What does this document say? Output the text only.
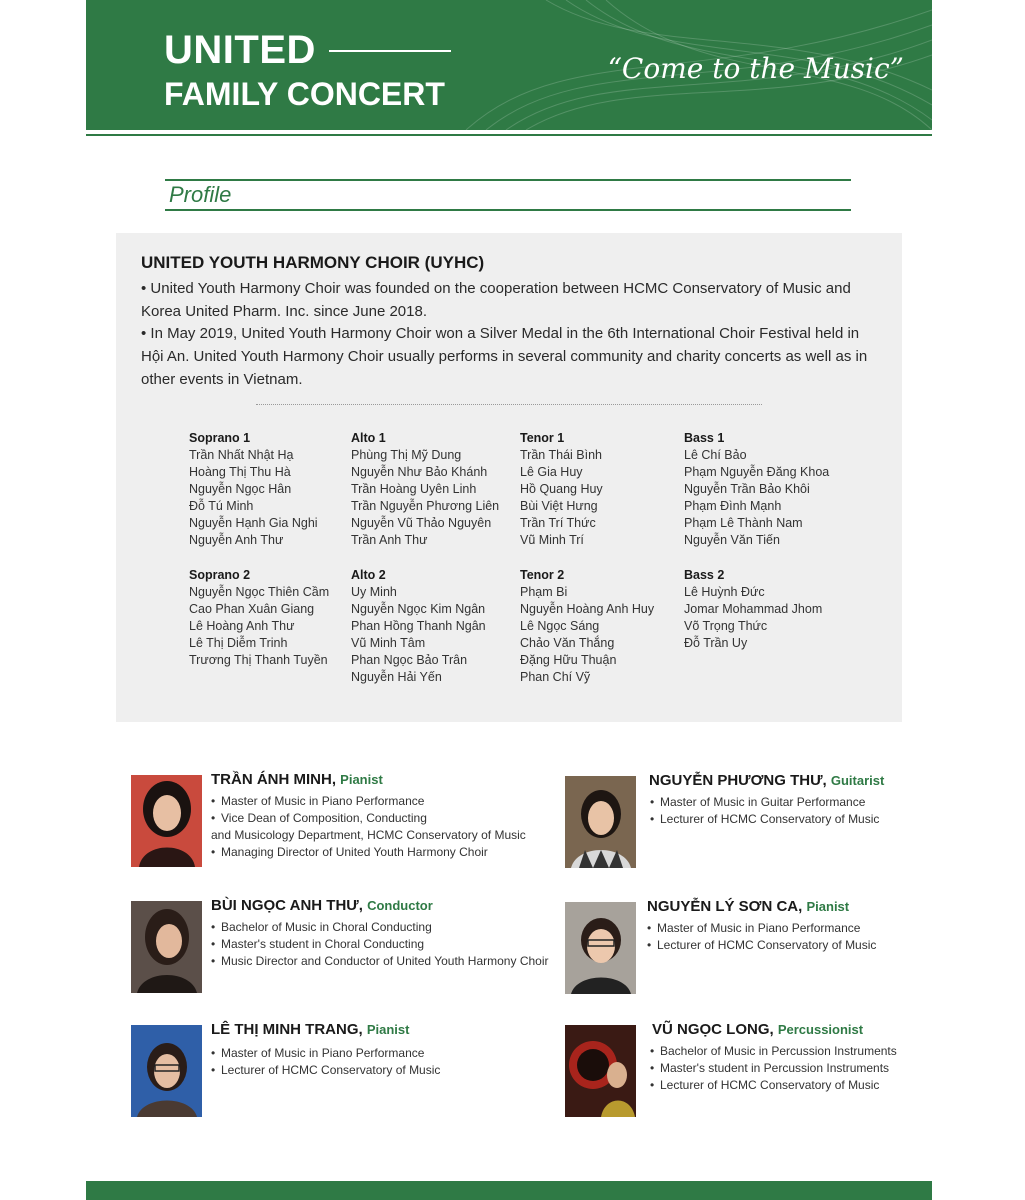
UNITED
FAMILY CONCERT
“Come to the Music”
Profile
UNITED YOUTH HARMONY CHOIR (UYHC)

• United Youth Harmony Choir was founded on the cooperation between HCMC Conservatory of Music and Korea United Pharm. Inc. since June 2018.

• In May 2019, United Youth Harmony Choir won a Silver Medal in the 6th International Choir Festival held in Hội An. United Youth Harmony Choir usually performs in several community and charity concerts as well as in other events in Vietnam.

Soprano 1
Trần Nhất Nhật Hạ
Hoàng Thị Thu Hà
Nguyễn Ngọc Hân
Đỗ Tú Minh
Nguyễn Hạnh Gia Nghi
Nguyễn Anh Thư
Soprano 2
Nguyễn Ngọc Thiên Cầm
Cao Phan Xuân Giang
Lê Hoàng Anh Thư
Lê Thị Diễm Trinh
Trương Thị Thanh Tuyền
Alto 1
Phùng Thị Mỹ Dung
Nguyễn Như Bảo Khánh
Trần Hoàng Uyên Linh
Trần Nguyễn Phương Liên
Nguyễn Vũ Thảo Nguyên
Trần Anh Thư
Alto 2
Uy Minh
Nguyễn Ngọc Kim Ngân
Phan Hồng Thanh Ngân
Vũ Minh Tâm
Phan Ngọc Bảo Trân
Nguyễn Hải Yến
Tenor 1
Trần Thái Bình
Lê Gia Huy
Hồ Quang Huy
Bùi Việt Hưng
Trần Trí Thức
Vũ Minh Trí
Tenor 2
Phạm Bi
Nguyễn Hoàng Anh Huy
Lê Ngọc Sáng
Chảo Văn Thắng
Đặng Hữu Thuận
Phan Chí Vỹ
Bass 1
Lê Chí Bảo
Phạm Nguyễn Đăng Khoa
Nguyễn Trần Bảo Khôi
Phạm Đình Mạnh
Phạm Lê Thành Nam
Nguyễn Văn Tiến
Bass 2
Lê Huỳnh Đức
Jomar Mohammad Jhom
Võ Trọng Thức
Đỗ Trần Uy
TRẦN ÁNH MINH, Pianist
• Master of Music in Piano Performance
• Vice Dean of Composition, Conducting
and Musicology Department, HCMC Conservatory of Music
• Managing Director of United Youth Harmony Choir
BÙI NGỌC ANH THƯ, Conductor
• Bachelor of Music in Choral Conducting
• Master's student in Choral Conducting
• Music Director and Conductor of United Youth Harmony Choir
LÊ THỊ MINH TRANG, Pianist
• Master of Music in Piano Performance
• Lecturer of HCMC Conservatory of Music
NGUYỄN PHƯƠNG THƯ, Guitarist
• Master of Music in Guitar Performance
• Lecturer of HCMC Conservatory of Music
NGUYỄN LÝ SƠN CA, Pianist
• Master of Music in Piano Performance
• Lecturer of HCMC Conservatory of Music
VŨ NGỌC LONG, Percussionist
• Bachelor of Music in Percussion Instruments
• Master's student in Percussion Instruments
• Lecturer of HCMC Conservatory of Music
